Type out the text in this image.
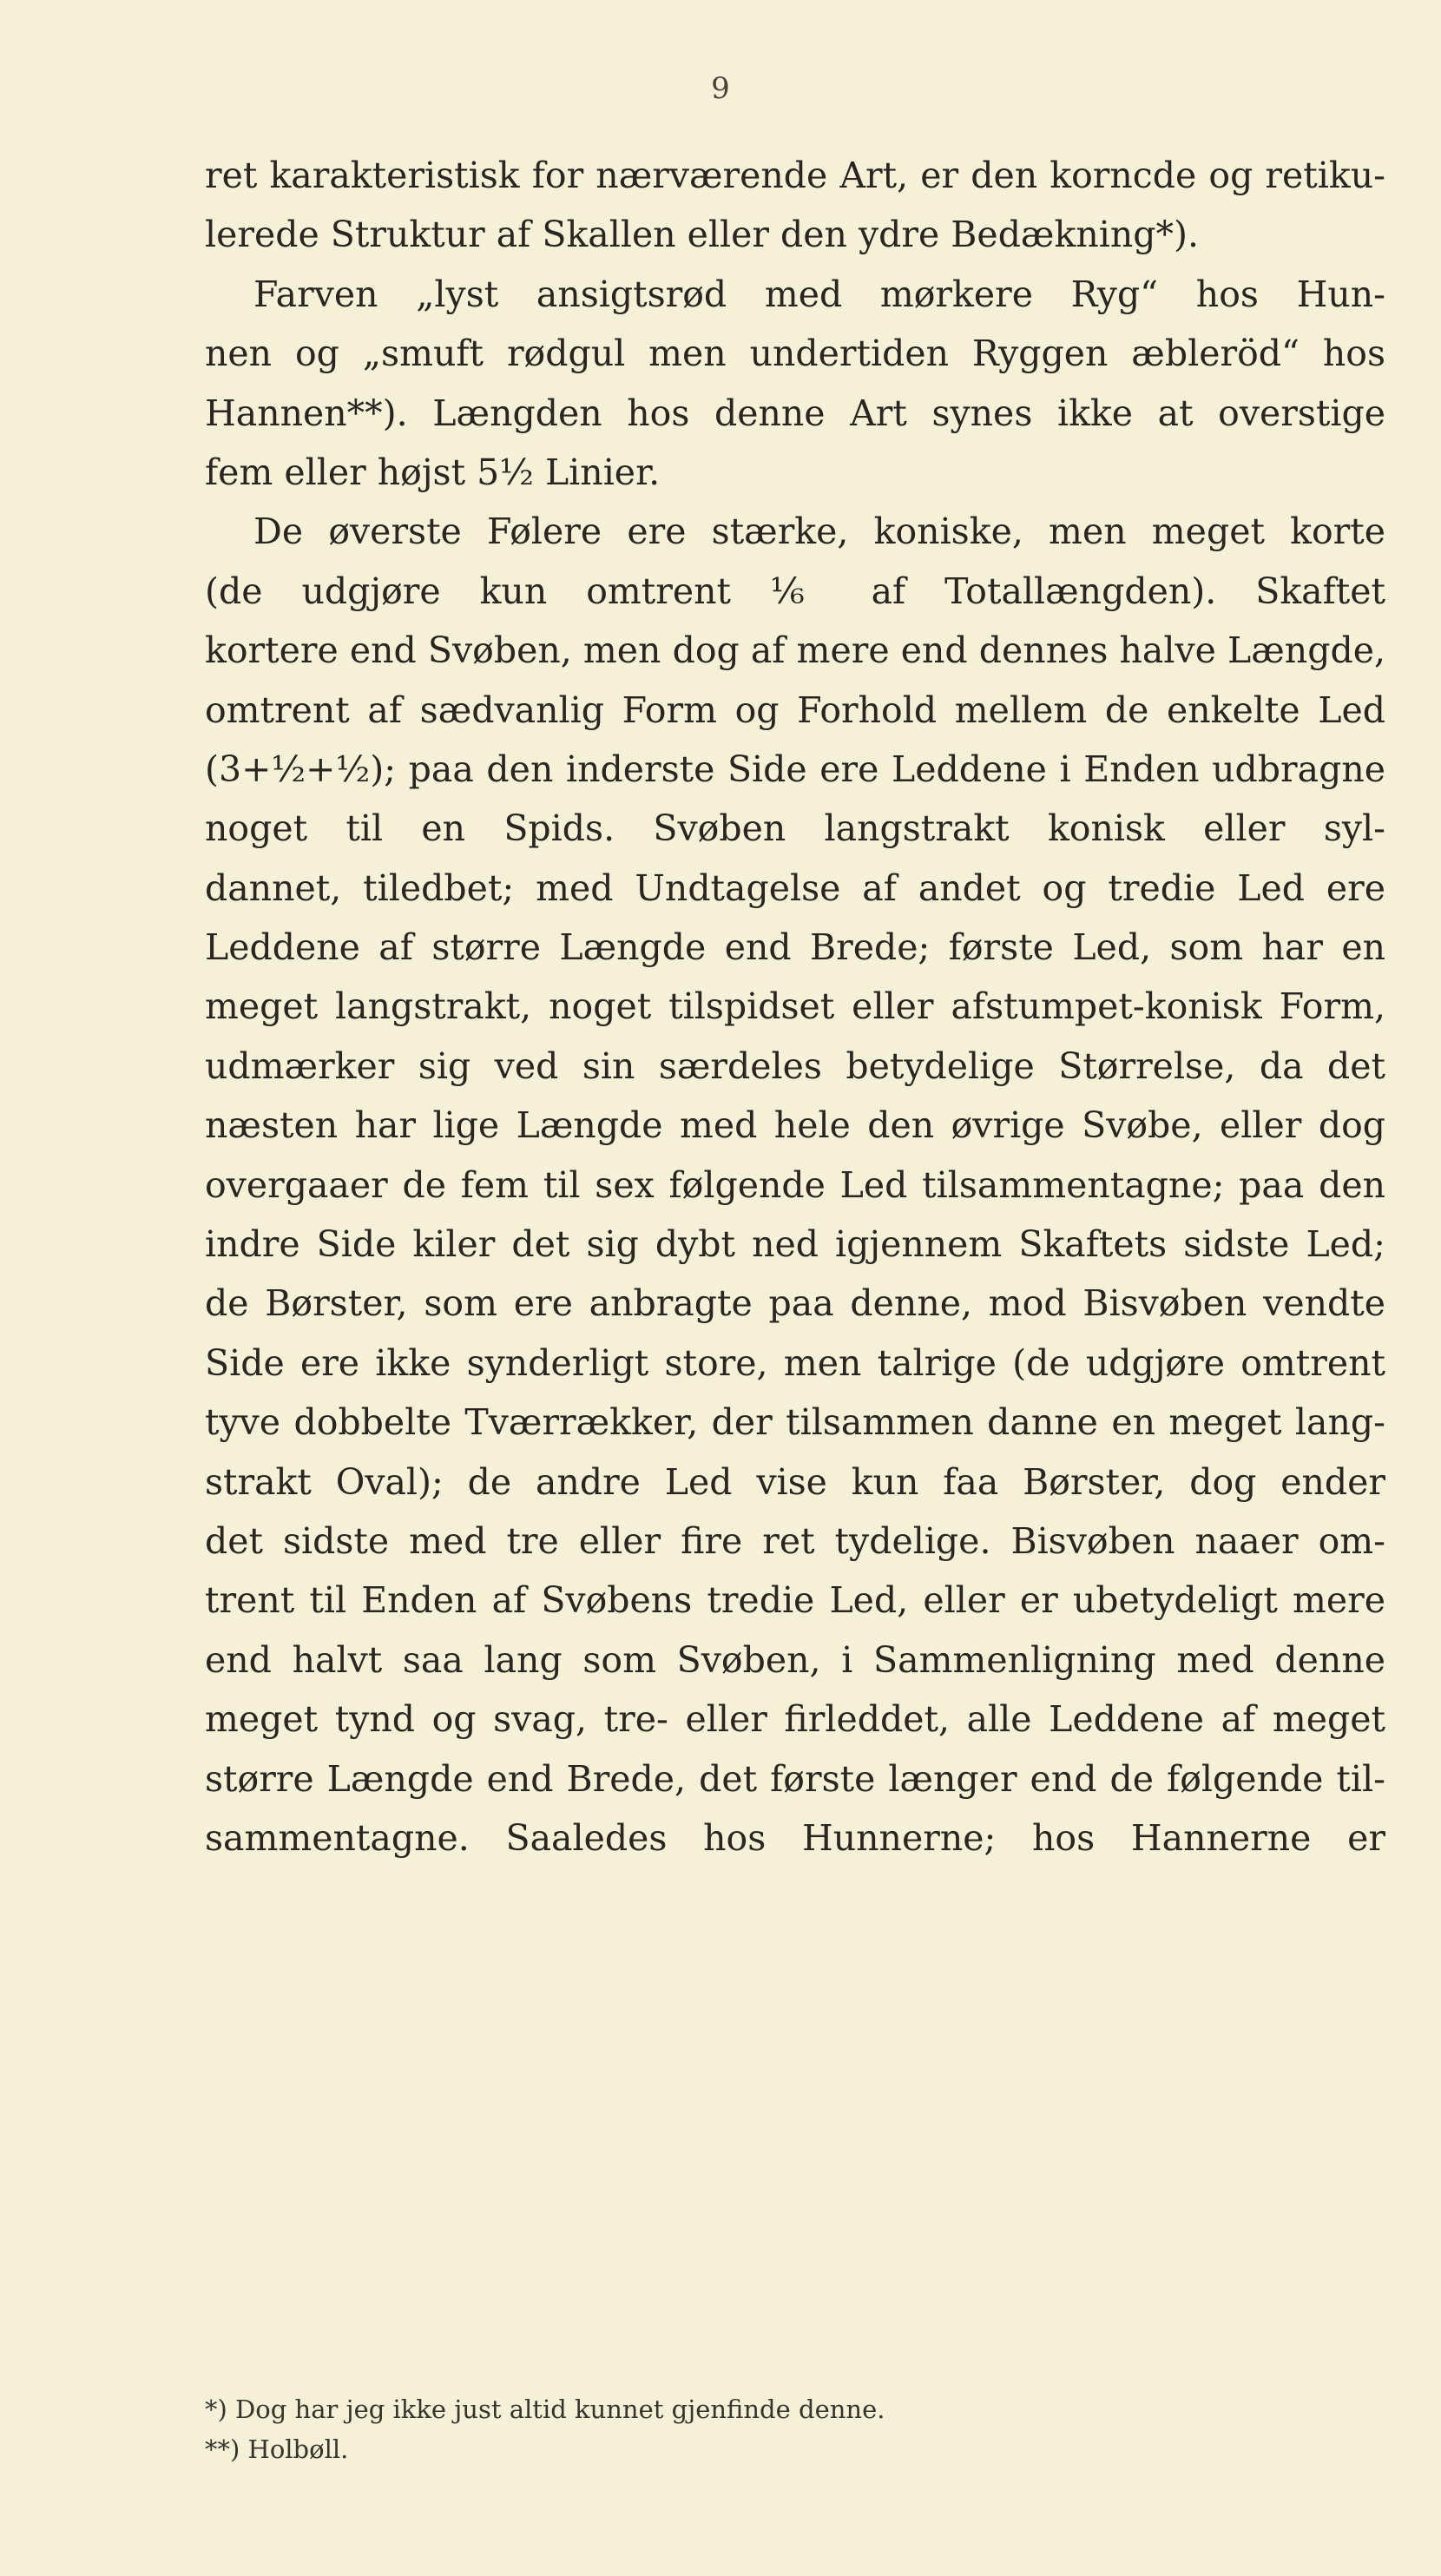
9
ret karakteristisk for nærværende Art, er den korncde og retiku-
lerede Struktur af Skallen eller den ydre Bedækning*).
Farven „lyst ansigtsrød med mørkere Ryg“ hos Hun-
nen og „smuft rødgul men undertiden Ryggen æbleröd“ hos
Hannen**). Længden hos denne Art synes ikke at overstige
fem eller højst 5½ Linier.
De øverste Følere ere stærke, koniske, men meget korte
(de udgjøre kun omtrent ⅙ af Totallængden). Skaftet
kortere end Svøben, men dog af mere end dennes halve Længde,
omtrent af sædvanlig Form og Forhold mellem de enkelte Led
(3+½+½); paa den inderste Side ere Leddene i Enden udbragne
noget til en Spids. Svøben langstrakt konisk eller syl-
dannet, tiledbet; med Undtagelse af andet og tredie Led ere
Leddene af større Længde end Brede; første Led, som har en
meget langstrakt, noget tilspidset eller afstumpet-konisk Form,
udmærker sig ved sin særdeles betydelige Størrelse, da det
næsten har lige Længde med hele den øvrige Svøbe, eller dog
overgaaer de fem til sex følgende Led tilsammentagne; paa den
indre Side kiler det sig dybt ned igjennem Skaftets sidste Led;
de Børster, som ere anbragte paa denne, mod Bisvøben vendte
Side ere ikke synderligt store, men talrige (de udgjøre omtrent
tyve dobbelte Tværrækker, der tilsammen danne en meget lang-
strakt Oval); de andre Led vise kun faa Børster, dog ender
det sidste med tre eller fire ret tydelige. Bisvøben naaer om-
trent til Enden af Svøbens tredie Led, eller er ubetydeligt mere
end halvt saa lang som Svøben, i Sammenligning med denne
meget tynd og svag, tre- eller firleddet, alle Leddene af meget
større Længde end Brede, det første længer end de følgende til-
sammentagne. Saaledes hos Hunnerne; hos Hannerne er
*) Dog har jeg ikke just altid kunnet gjenfinde denne.
**) Holbøll.
